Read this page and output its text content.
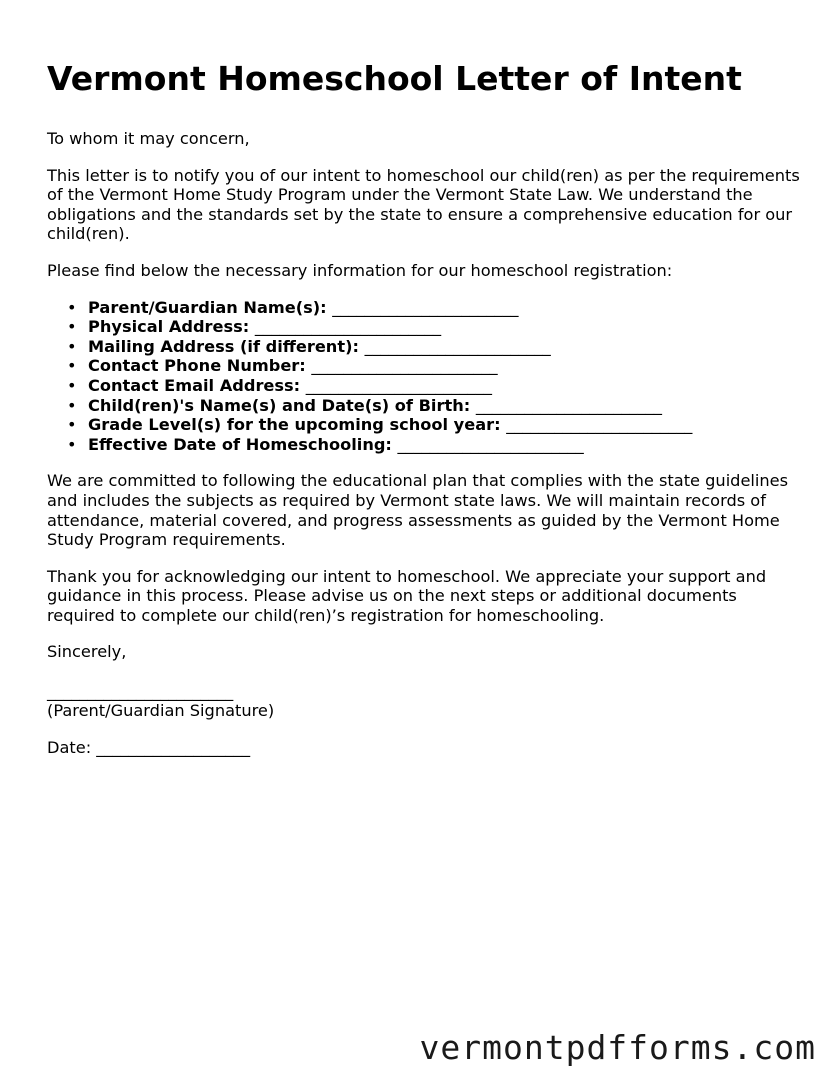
Vermont Homeschool Letter of Intent

To whom it may concern,

This letter is to notify you of our intent to homeschool our child(ren) as per the requirements of the Vermont Home Study Program under the Vermont State Law. We understand the obligations and the standards set by the state to ensure a comprehensive education for our child(ren).

Please find below the necessary information for our homeschool registration:

• Parent/Guardian Name(s): _______________________
• Physical Address: _______________________
• Mailing Address (if different): _______________________
• Contact Phone Number: _______________________
• Contact Email Address: _______________________
• Child(ren)'s Name(s) and Date(s) of Birth: _______________________
• Grade Level(s) for the upcoming school year: _______________________
• Effective Date of Homeschooling: _______________________

We are committed to following the educational plan that complies with the state guidelines and includes the subjects as required by Vermont state laws. We will maintain records of attendance, material covered, and progress assessments as guided by the Vermont Home Study Program requirements.

Thank you for acknowledging our intent to homeschool. We appreciate your support and guidance in this process. Please advise us on the next steps or additional documents required to complete our child(ren)’s registration for homeschooling.

Sincerely,

_______________________
(Parent/Guardian Signature)

Date: ___________________

vermontpdfforms.com
